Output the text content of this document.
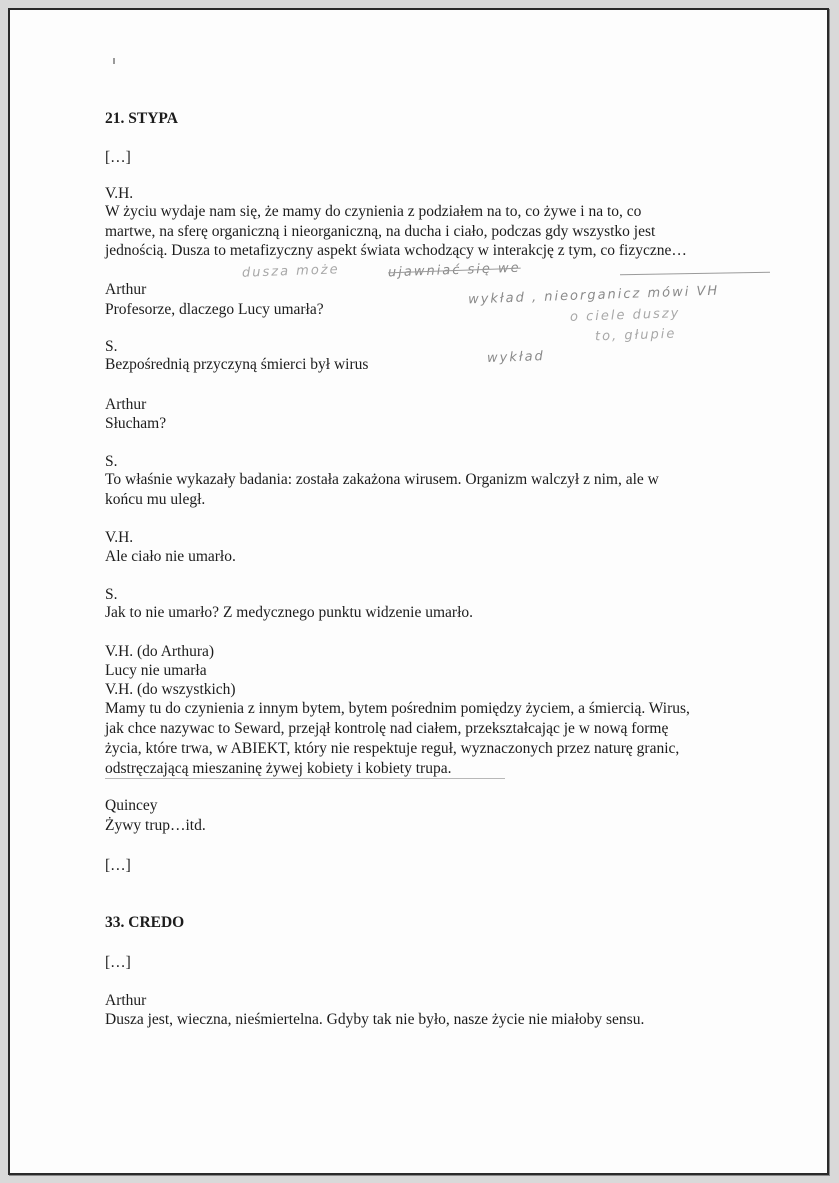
21. STYPA
[…]
V.H.
W życiu wydaje nam się, że mamy do czynienia z podziałem na to, co żywe i na to, co
martwe, na sferę organiczną i nieorganiczną, na ducha i ciało, podczas gdy wszystko jest
jednością. Dusza to metafizyczny aspekt świata wchodzący w interakcję z tym, co fizyczne…
dusza może	ujawniać się we
Arthur
Profesorze, dlaczego Lucy umarła?
wykład , nieorganicz mówi VH
o ciele duszy
to, głupie
wykład
S.
Bezpośrednią przyczyną śmierci był wirus
Arthur
Słucham?
S.
To właśnie wykazały badania: została zakażona wirusem. Organizm walczył z nim, ale w
końcu mu uległ.
V.H.
Ale ciało nie umarło.
S.
Jak to nie umarło? Z medycznego punktu widzenie umarło.
V.H. (do Arthura)
Lucy nie umarła
V.H. (do wszystkich)
Mamy tu do czynienia z innym bytem, bytem pośrednim pomiędzy życiem, a śmiercią. Wirus,
jak chce nazywac to Seward, przejął kontrolę nad ciałem, przekształcając je w nową formę
życia, które trwa, w ABIEKT, który nie respektuje reguł, wyznaczonych przez naturę granic,
odstręczającą mieszaninę żywej kobiety i kobiety trupa.
Quincey
Żywy trup…itd.
[…]
33. CREDO
[…]
Arthur
Dusza jest, wieczna, nieśmiertelna. Gdyby tak nie było, nasze życie nie miałoby sensu.
